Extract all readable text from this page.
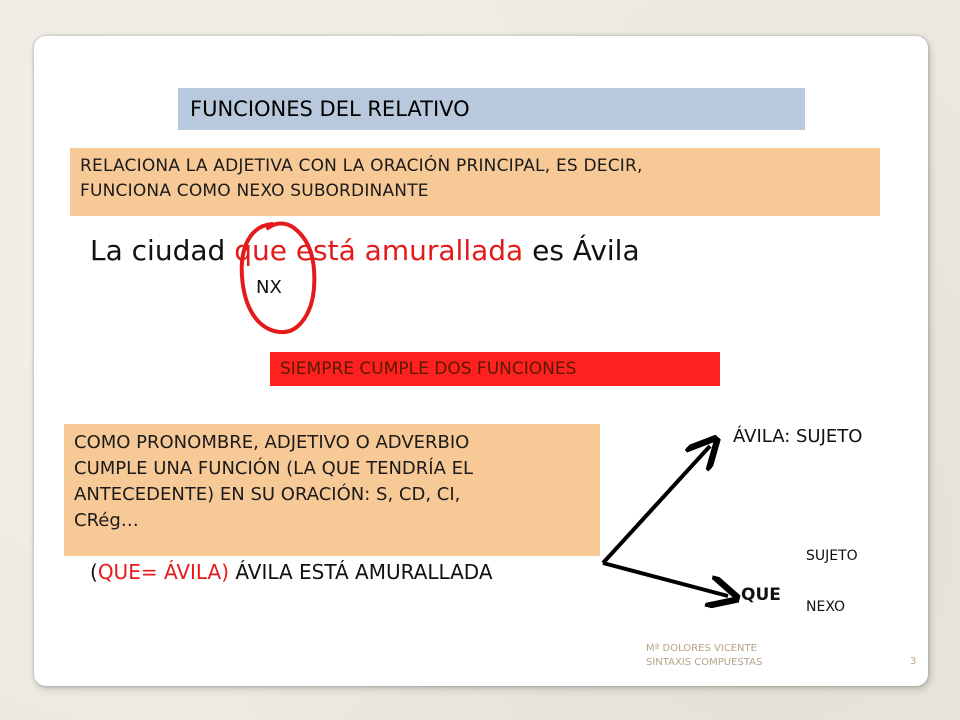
FUNCIONES DEL RELATIVO
RELACIONA LA ADJETIVA CON LA ORACIÓN PRINCIPAL, ES DECIR,
FUNCIONA COMO NEXO SUBORDINANTE
La ciudad que está amurallada es Ávila
NX
SIEMPRE CUMPLE DOS FUNCIONES
COMO PRONOMBRE, ADJETIVO O ADVERBIO
CUMPLE UNA FUNCIÓN (LA QUE TENDRÍA EL
ANTECEDENTE) EN SU ORACIÓN: S, CD, CI,
CRég…
(QUE= ÁVILA) ÁVILA ESTÁ AMURALLADA
ÁVILA: SUJETO
QUE
SUJETO
NEXO
Mª DOLORES VICENTE
SINTAXIS COMPUESTAS	3
